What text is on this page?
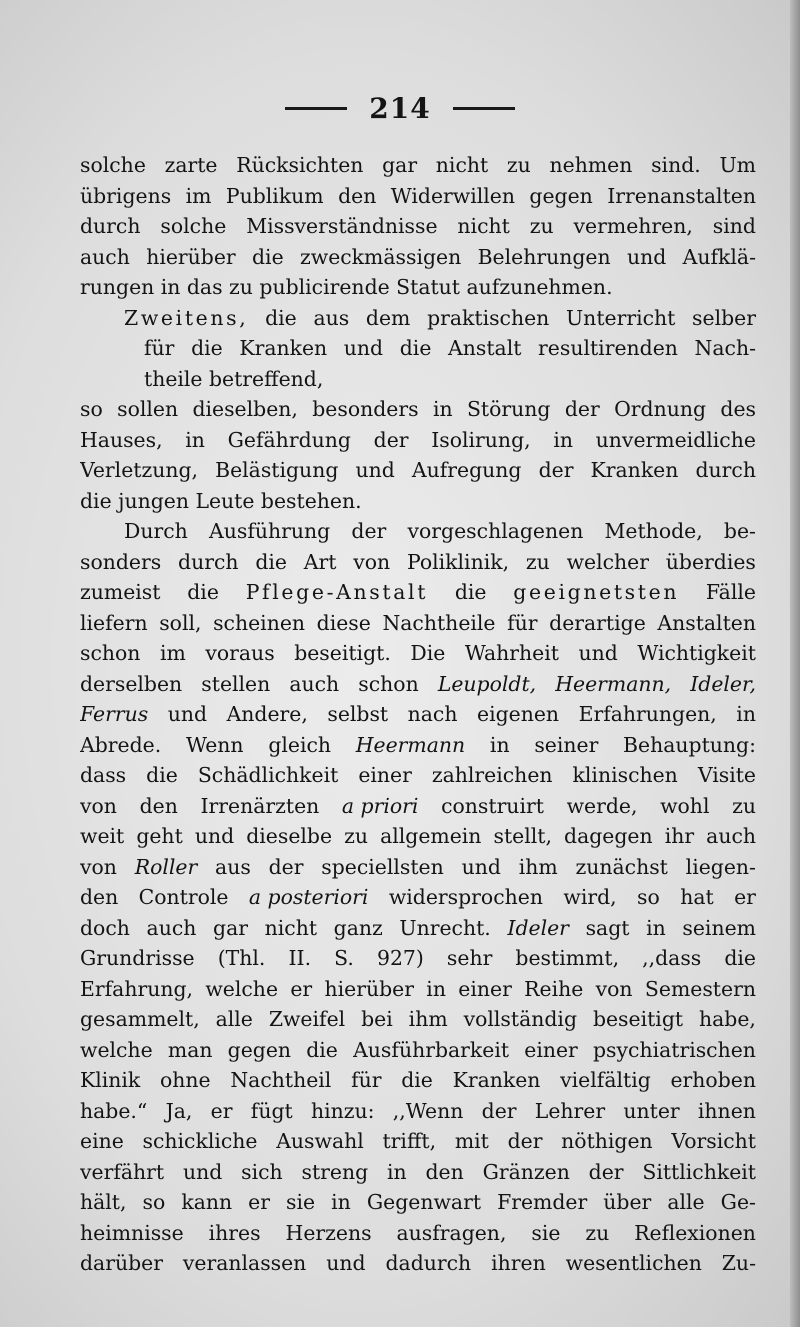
214
solche zarte Rücksichten gar nicht zu nehmen sind. Um
übrigens im Publikum den Widerwillen gegen Irrenanstalten
durch solche Missverständnisse nicht zu vermehren, sind
auch hierüber die zweckmässigen Belehrungen und Aufklä-
rungen in das zu publicirende Statut aufzunehmen.
Zweitens, die aus dem praktischen Unterricht selber
für die Kranken und die Anstalt resultirenden Nach-
theile betreffend,
so sollen dieselben, besonders in Störung der Ordnung des
Hauses, in Gefährdung der Isolirung, in unvermeidliche
Verletzung, Belästigung und Aufregung der Kranken durch
die jungen Leute bestehen.
Durch Ausführung der vorgeschlagenen Methode, be-
sonders durch die Art von Poliklinik, zu welcher überdies
zumeist die Pflege-Anstalt die geeignetsten Fälle
liefern soll, scheinen diese Nachtheile für derartige Anstalten
schon im voraus beseitigt. Die Wahrheit und Wichtigkeit
derselben stellen auch schon Leupoldt, Heermann, Ideler,
Ferrus und Andere, selbst nach eigenen Erfahrungen, in
Abrede. Wenn gleich Heermann in seiner Behauptung:
dass die Schädlichkeit einer zahlreichen klinischen Visite
von den Irrenärzten a priori construirt werde, wohl zu
weit geht und dieselbe zu allgemein stellt, dagegen ihr auch
von Roller aus der speciellsten und ihm zunächst liegen-
den Controle a posteriori widersprochen wird, so hat er
doch auch gar nicht ganz Unrecht. Ideler sagt in seinem
Grundrisse (Thl. II. S. 927) sehr bestimmt, ,,dass die
Erfahrung, welche er hierüber in einer Reihe von Semestern
gesammelt, alle Zweifel bei ihm vollständig beseitigt habe,
welche man gegen die Ausführbarkeit einer psychiatrischen
Klinik ohne Nachtheil für die Kranken vielfältig erhoben
habe.“ Ja, er fügt hinzu: ,,Wenn der Lehrer unter ihnen
eine schickliche Auswahl trifft, mit der nöthigen Vorsicht
verfährt und sich streng in den Gränzen der Sittlichkeit
hält, so kann er sie in Gegenwart Fremder über alle Ge-
heimnisse ihres Herzens ausfragen, sie zu Reflexionen
darüber veranlassen und dadurch ihren wesentlichen Zu-
